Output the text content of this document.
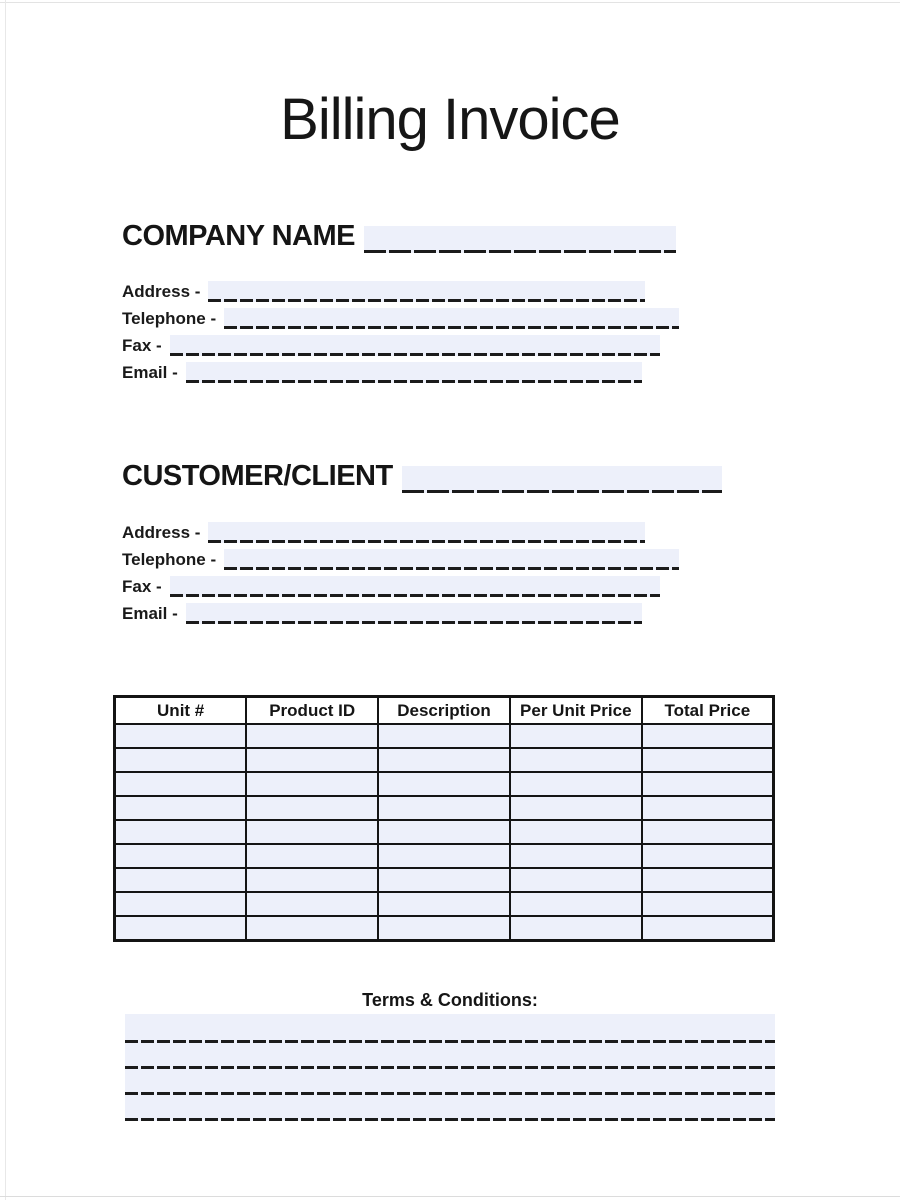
Billing Invoice
COMPANY NAME
Address -
Telephone -
Fax -
Email -
CUSTOMER/CLIENT
Address -
Telephone -
Fax -
Email -
Unit #	Product ID	Description	Per Unit Price	Total Price

Terms & Conditions:
